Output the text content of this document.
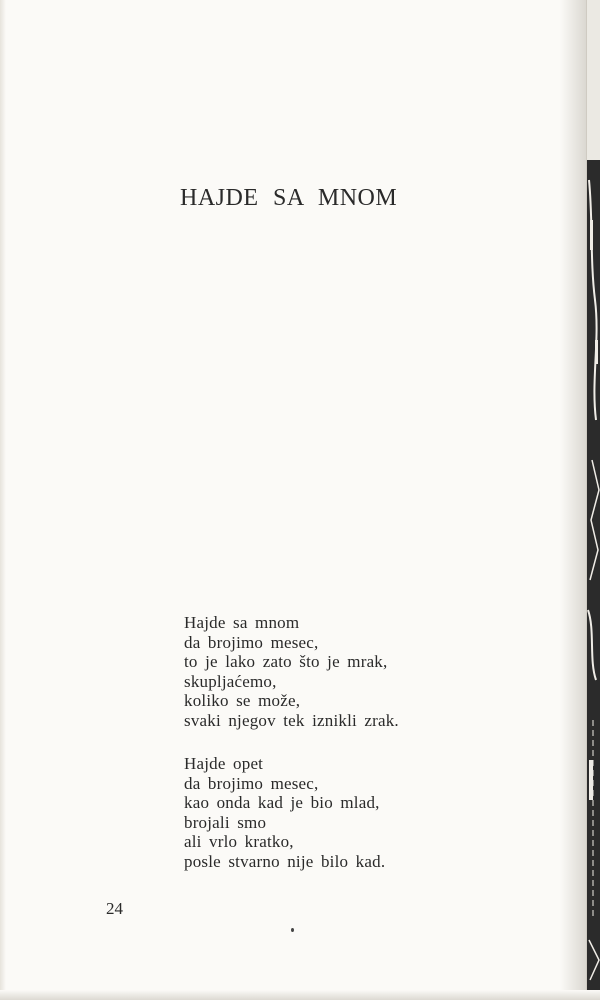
HAJDE SA MNOM
Hajde sa mnom
da brojimo mesec,
to je lako zato što je mrak,
skupljaćemo,
koliko se može,
svaki njegov tek iznikli zrak.
Hajde opet
da brojimo mesec,
kao onda kad je bio mlad,
brojali smo
ali vrlo kratko,
posle stvarno nije bilo kad.

24
